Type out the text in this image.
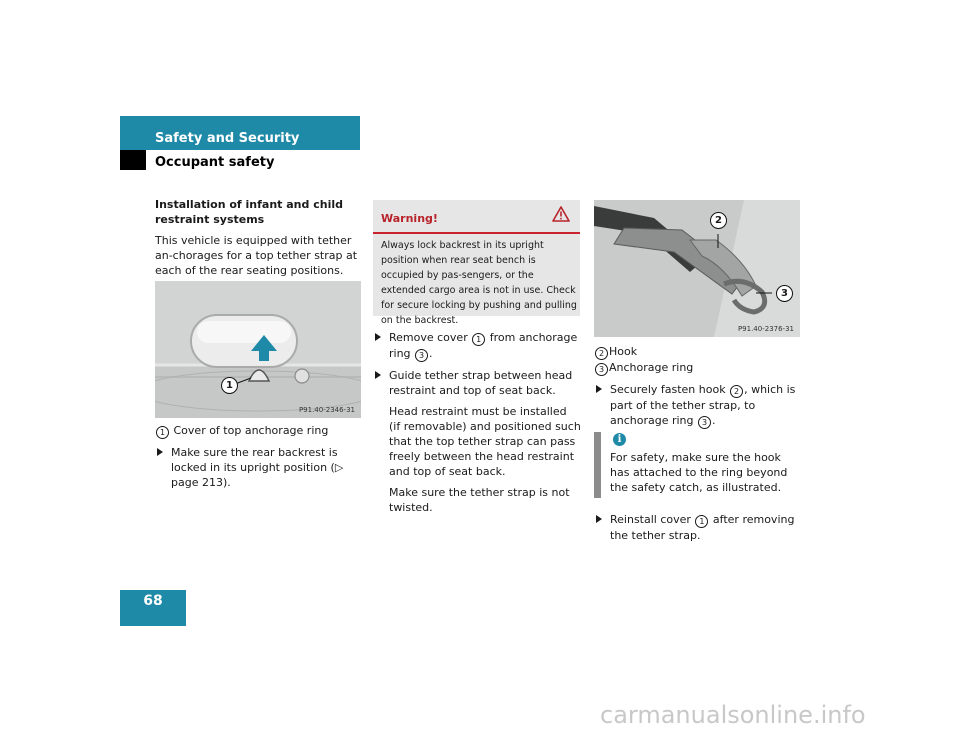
Safety and Security
Occupant safety

Installation of infant and child restraint systems

This vehicle is equipped with tether an-chorages for a top tether strap at each of the rear seating positions.

1
P91.40-2346-31

1 Cover of top anchorage ring

Make sure the rear backrest is locked in its upright position (▷ page 213).

Warning!
Always lock backrest in its upright position when rear seat bench is occupied by pas-sengers, or the extended cargo area is not in use. Check for secure locking by pushing and pulling on the backrest.

Remove cover 1 from anchorage ring 3 .

Guide tether strap between head restraint and top of seat back.

Head restraint must be installed (if removable) and positioned such that the top tether strap can pass freely between the head restraint and top of seat back.

Make sure the tether strap is not twisted.

2
3
P91.40-2376-31

2 Hook

3 Anchorage ring

Securely fasten hook 2 , which is part of the tether strap, to anchorage ring 3 .

i
For safety, make sure the hook has attached to the ring beyond the safety catch, as illustrated.

Reinstall cover 1 after removing the tether strap.

68
carmanualsonline.info
